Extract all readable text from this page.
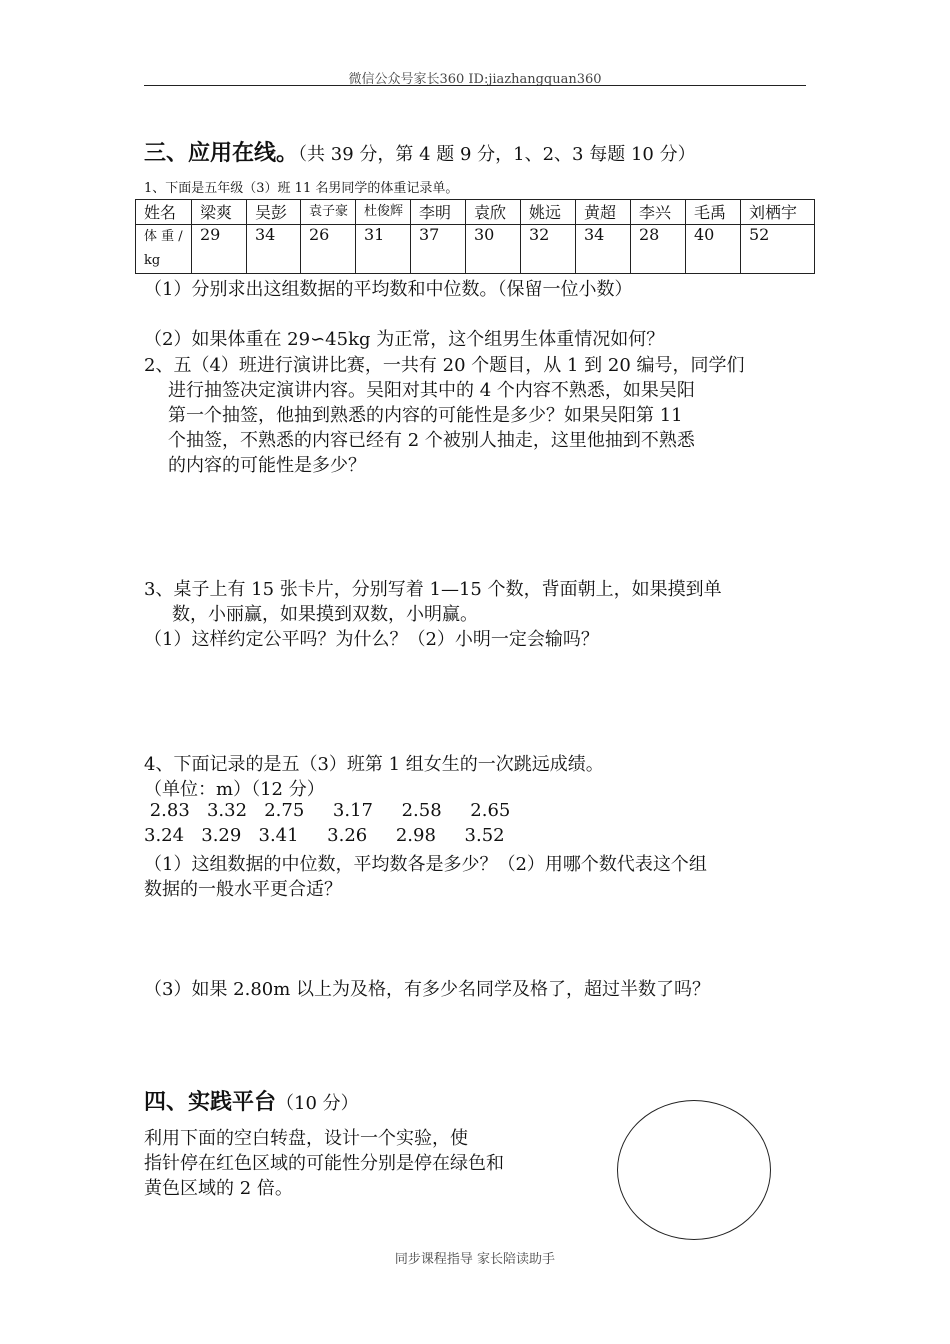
微信公众号家长360 ID:jiazhangquan360
三、应用在线。（共 39 分，第 4 题 9 分，1、2、3 每题 10 分）
1、下面是五年级（3）班 11 名男同学的体重记录单。
姓名	梁爽	吴彭	袁子豪	杜俊辉	李明	袁欣	姚远	黄超	李兴	毛禹	刘栖宇
体 重 /
kg	29	34	26	31	37	30	32	34	28	40	52
（1）分别求出这组数据的平均数和中位数。（保留一位小数）
（2）如果体重在 29∽45kg 为正常，这个组男生体重情况如何？
2、五（4）班进行演讲比赛，一共有 20 个题目，从 1 到 20 编号，同学们
进行抽签决定演讲内容。吴阳对其中的 4 个内容不熟悉，如果吴阳
第一个抽签，他抽到熟悉的内容的可能性是多少？如果吴阳第 11
个抽签，不熟悉的内容已经有 2 个被别人抽走，这里他抽到不熟悉
的内容的可能性是多少？
3、桌子上有 15 张卡片，分别写着 1—15 个数，背面朝上，如果摸到单
数，小丽赢，如果摸到双数，小明赢。
（1）这样约定公平吗？为什么？（2）小明一定会输吗？
4、下面记录的是五（3）班第 1 组女生的一次跳远成绩。
（单位：m）（12 分）
2.83   3.32   2.75     3.17     2.58     2.65
3.24   3.29   3.41     3.26     2.98     3.52
（1）这组数据的中位数，平均数各是多少？（2）用哪个数代表这个组
数据的一般水平更合适？
（3）如果 2.80m 以上为及格，有多少名同学及格了，超过半数了吗？
四、实践平台（10 分）
利用下面的空白转盘，设计一个实验，使
指针停在红色区域的可能性分别是停在绿色和
黄色区域的 2 倍。
同步课程指导 家长陪读助手
